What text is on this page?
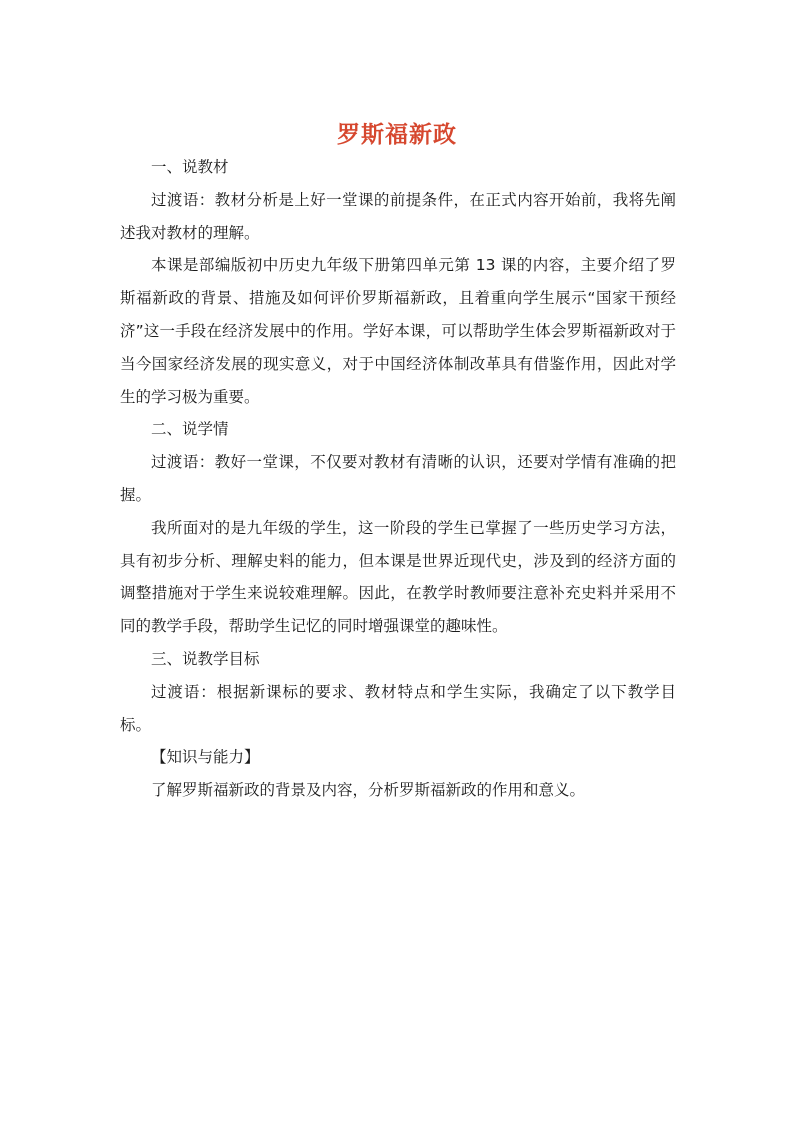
罗斯福新政

一、说教材

过渡语：教材分析是上好一堂课的前提条件，在正式内容开始前，我将先阐述我对教材的理解。

本课是部编版初中历史九年级下册第四单元第 13 课的内容，主要介绍了罗斯福新政的背景、措施及如何评价罗斯福新政，且着重向学生展示“国家干预经济”这一手段在经济发展中的作用。学好本课，可以帮助学生体会罗斯福新政对于当今国家经济发展的现实意义，对于中国经济体制改革具有借鉴作用，因此对学生的学习极为重要。

二、说学情

过渡语：教好一堂课，不仅要对教材有清晰的认识，还要对学情有准确的把握。

我所面对的是九年级的学生，这一阶段的学生已掌握了一些历史学习方法，具有初步分析、理解史料的能力，但本课是世界近现代史，涉及到的经济方面的调整措施对于学生来说较难理解。因此，在教学时教师要注意补充史料并采用不同的教学手段，帮助学生记忆的同时增强课堂的趣味性。

三、说教学目标

过渡语：根据新课标的要求、教材特点和学生实际，我确定了以下教学目标。

【知识与能力】

了解罗斯福新政的背景及内容，分析罗斯福新政的作用和意义。
